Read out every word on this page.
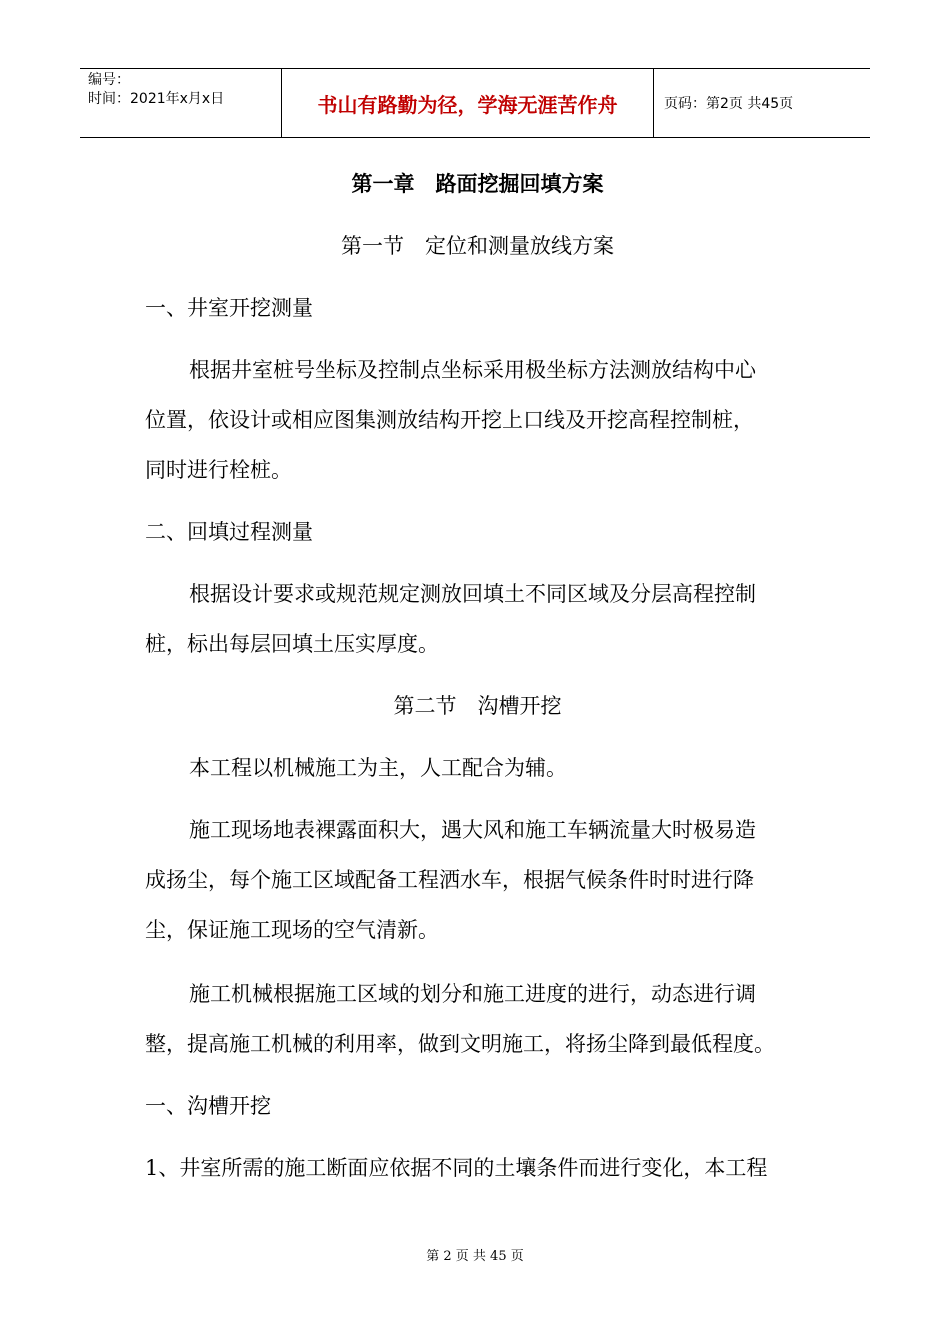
编号：
时间：2021年x月x日	书山有路勤为径，学海无涯苦作舟	页码：第2页 共45页
第一章　路面挖掘回填方案
第一节　定位和测量放线方案
一、井室开挖测量
根据井室桩号坐标及控制点坐标采用极坐标方法测放结构中心
位置，依设计或相应图集测放结构开挖上口线及开挖高程控制桩，
同时进行栓桩。
二、回填过程测量
根据设计要求或规范规定测放回填土不同区域及分层高程控制
桩，标出每层回填土压实厚度。
第二节　沟槽开挖
本工程以机械施工为主，人工配合为辅。
施工现场地表裸露面积大，遇大风和施工车辆流量大时极易造
成扬尘，每个施工区域配备工程洒水车，根据气候条件时时进行降
尘，保证施工现场的空气清新。
施工机械根据施工区域的划分和施工进度的进行，动态进行调
整，提高施工机械的利用率，做到文明施工，将扬尘降到最低程度。
一、沟槽开挖
1、井室所需的施工断面应依据不同的土壤条件而进行变化，本工程
第 2 页 共 45 页
